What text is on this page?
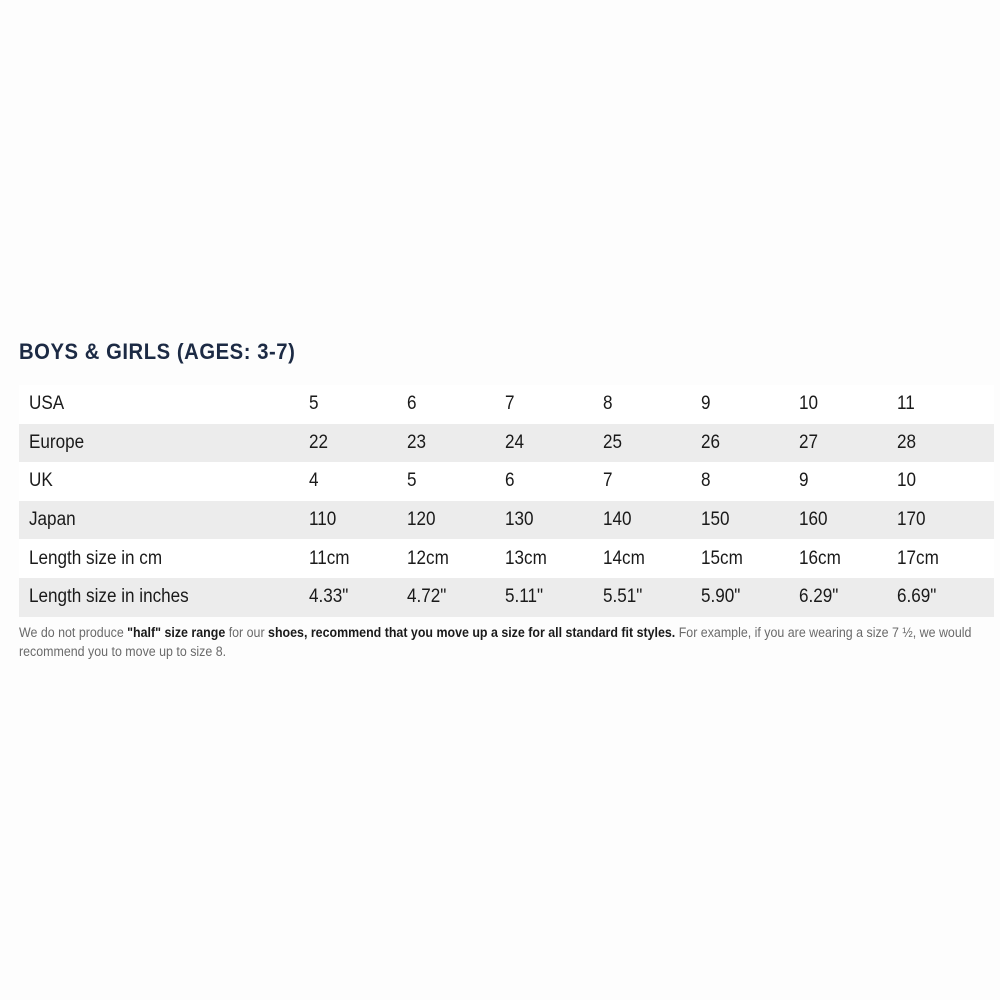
BOYS & GIRLS (AGES: 3-7)
USA	5	6	7	8	9	10	11
Europe	22	23	24	25	26	27	28
UK	4	5	6	7	8	9	10
Japan	110	120	130	140	150	160	170
Length size in cm	11cm	12cm	13cm	14cm	15cm	16cm	17cm
Length size in inches	4.33"	4.72"	5.11"	5.51"	5.90"	6.29"	6.69"

We do not produce "half" size range for our shoes, recommend that you move up a size for all standard fit styles. For example, if you are wearing a size 7 ½, we would recommend you to move up to size 8.
